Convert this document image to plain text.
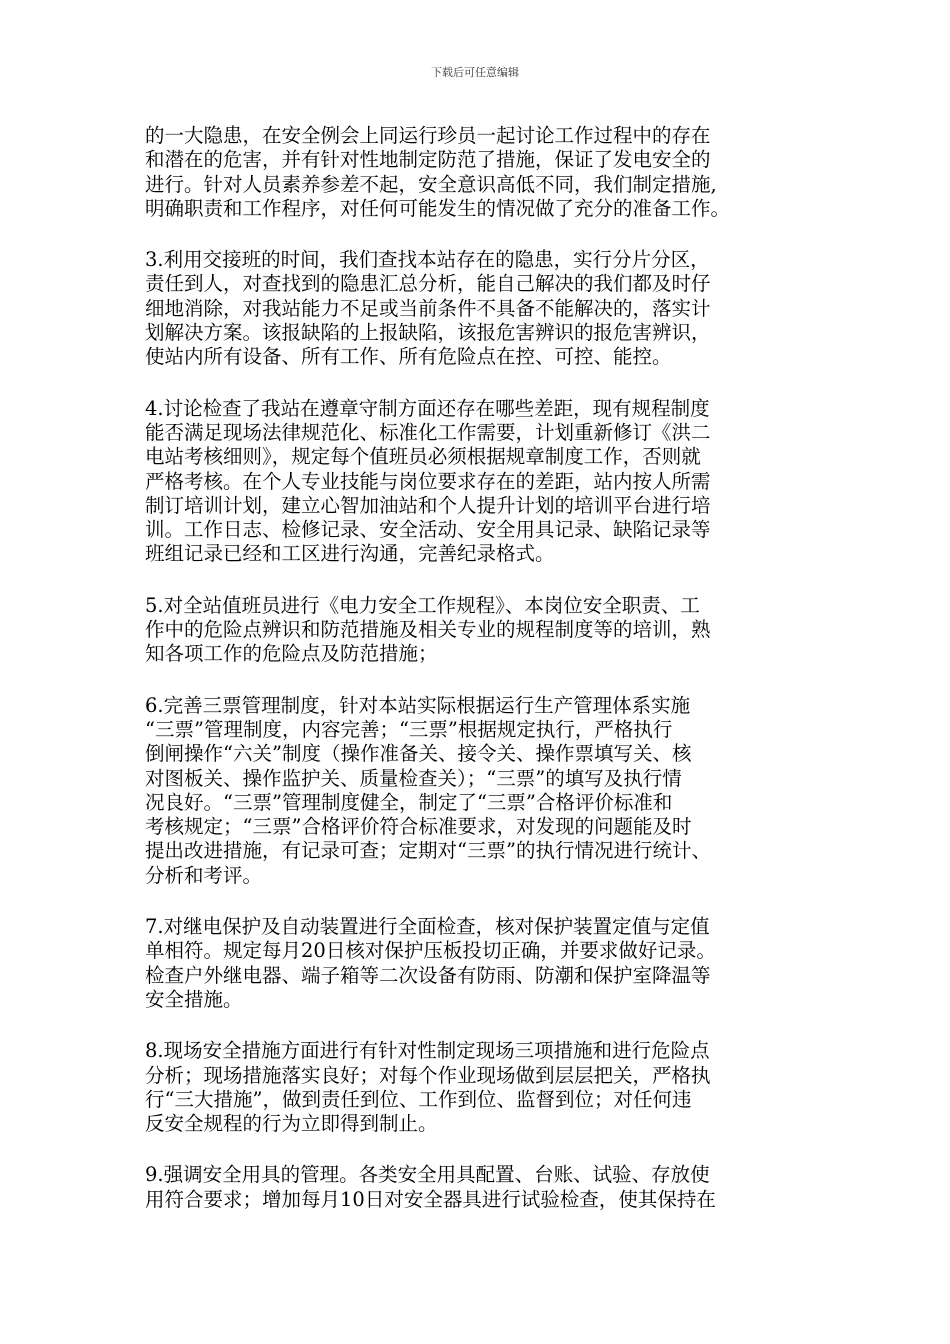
下载后可任意编辑
的一大隐患，在安全例会上同运行珍员一起讨论工作过程中的存在
和潜在的危害，并有针对性地制定防范了措施，保证了发电安全的
进行。针对人员素养参差不起，安全意识高低不同，我们制定措施,
明确职责和工作程序，对任何可能发生的情况做了充分的准备工作。
3.利用交接班的时间，我们查找本站存在的隐患，实行分片分区，
责任到人，对查找到的隐患汇总分析，能自己解决的我们都及时仔
细地消除，对我站能力不足或当前条件不具备不能解决的，落实计
划解决方案。该报缺陷的上报缺陷，该报危害辨识的报危害辨识，
使站内所有设备、所有工作、所有危险点在控、可控、能控。
4.讨论检查了我站在遵章守制方面还存在哪些差距，现有规程制度
能否满足现场法律规范化、标准化工作需要，计划重新修订《洪二
电站考核细则》，规定每个值班员必须根据规章制度工作，否则就
严格考核。在个人专业技能与岗位要求存在的差距，站内按人所需
制订培训计划，建立心智加油站和个人提升计划的培训平台进行培
训。工作日志、检修记录、安全活动、安全用具记录、缺陷记录等
班组记录已经和工区进行沟通，完善纪录格式。
5.对全站值班员进行《电力安全工作规程》、本岗位安全职责、工
作中的危险点辨识和防范措施及相关专业的规程制度等的培训，熟
知各项工作的危险点及防范措施；
6.完善三票管理制度，针对本站实际根据运行生产管理体系实施
“三票”管理制度，内容完善；“三票”根据规定执行，严格执行
倒闸操作“六关”制度（操作准备关、接令关、操作票填写关、核
对图板关、操作监护关、质量检查关）；“三票”的填写及执行情
况良好。“三票”管理制度健全，制定了“三票”合格评价标准和
考核规定；“三票”合格评价符合标准要求，对发现的问题能及时
提出改进措施，有记录可查；定期对“三票”的执行情况进行统计、
分析和考评。
7.对继电保护及自动装置进行全面检查，核对保护装置定值与定值
单相符。规定每月20日核对保护压板投切正确，并要求做好记录。
检查户外继电器、端子箱等二次设备有防雨、防潮和保护室降温等
安全措施。
8.现场安全措施方面进行有针对性制定现场三项措施和进行危险点
分析；现场措施落实良好；对每个作业现场做到层层把关，严格执
行“三大措施”，做到责任到位、工作到位、监督到位；对任何违
反安全规程的行为立即得到制止。
9.强调安全用具的管理。各类安全用具配置、台账、试验、存放使
用符合要求；增加每月10日对安全器具进行试验检查，使其保持在
